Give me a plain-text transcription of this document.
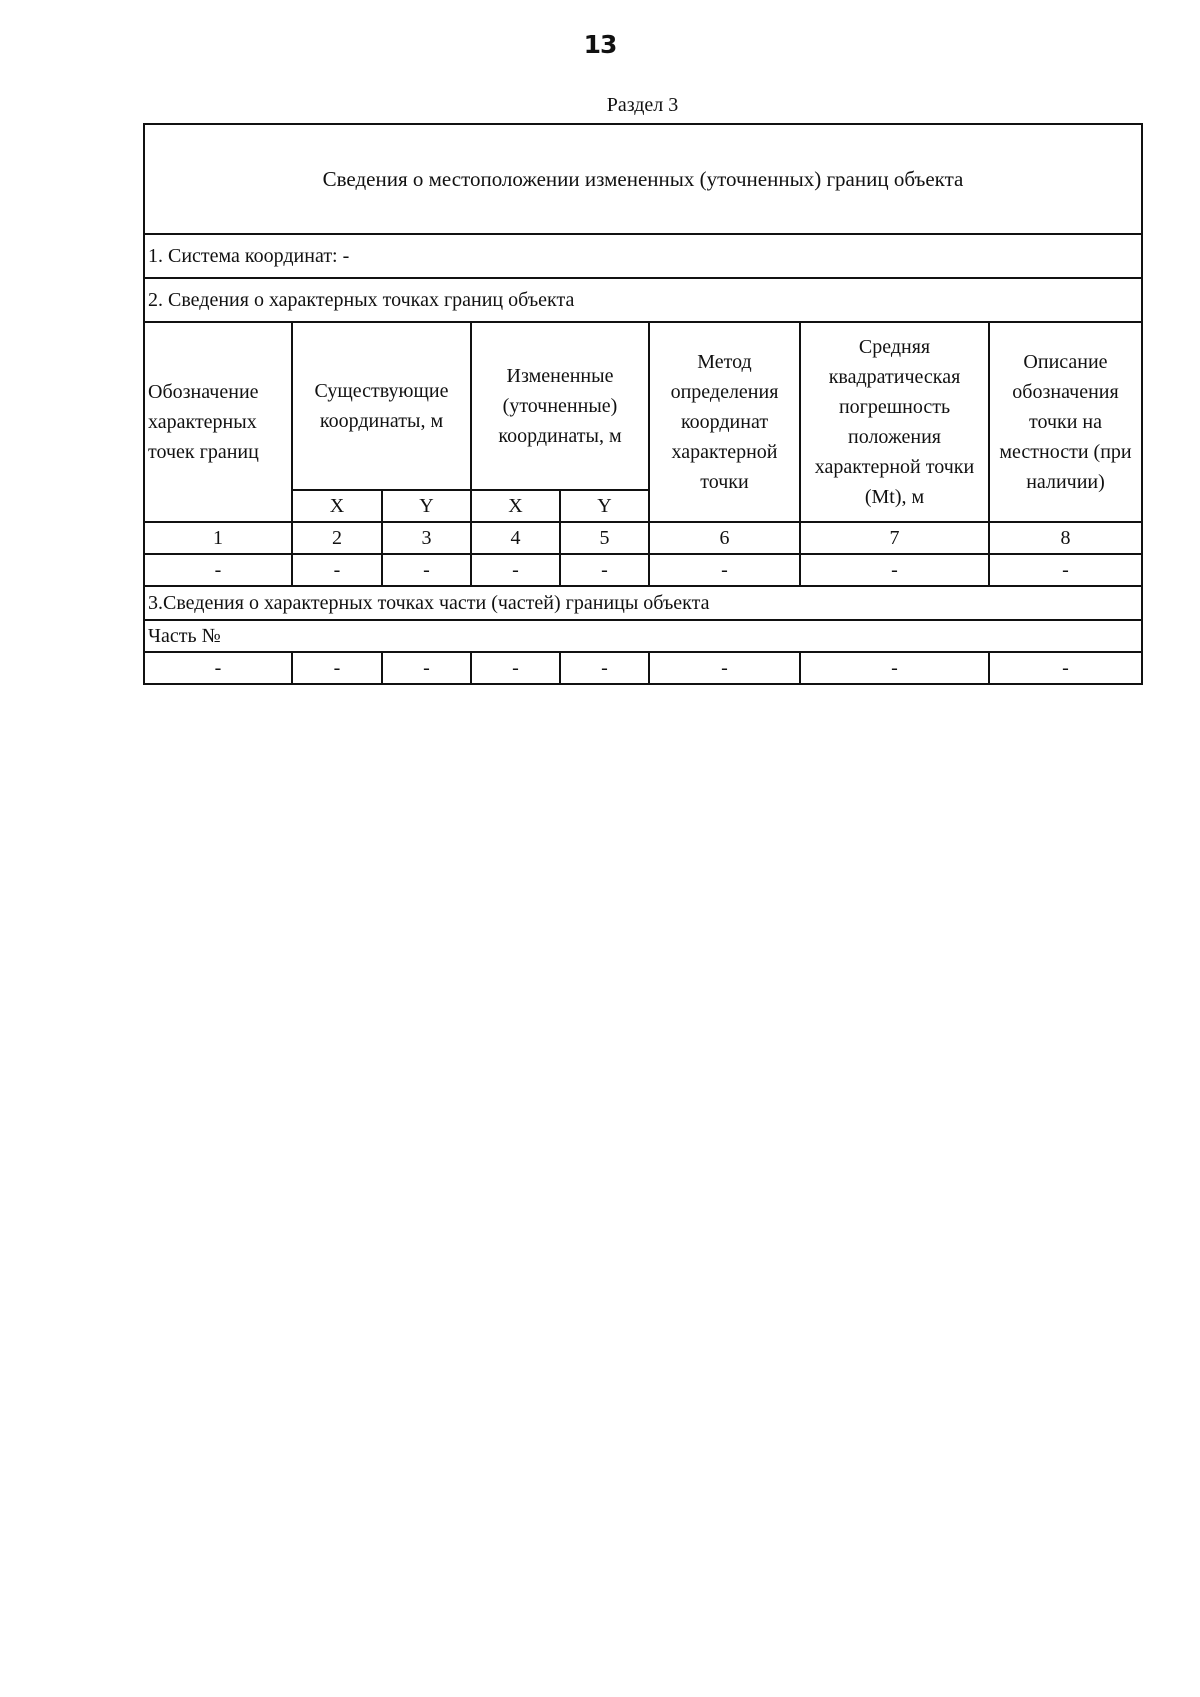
13
Раздел 3
Сведения о местоположении измененных (уточненных) границ объекта							
1. Система координат: -							
2. Сведения о характерных точках границ объекта							

Обозначение характерных точек границ	Существующие координаты, м		Измененные (уточненные) координаты, м		Метод определения координат характерной точки	Средняя квадратическая погрешность положения характерной точки (Mt), м	Описание обозначения точки на местности (при наличии)

	X	Y	X	Y			
1	2	3	4	5	6	7	8
-	-	-	-	-	-	-	-
3.Сведения о характерных точках части (частей) границы объекта							
Часть №							
-	-	-	-	-	-	-	-
